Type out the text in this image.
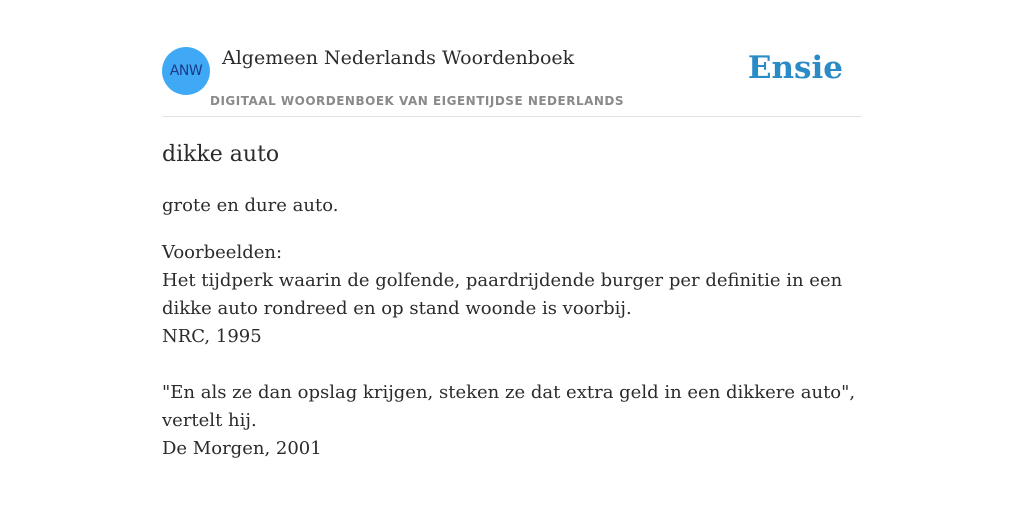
ANW
Algemeen Nederlands Woordenboek
DIGITAAL WOORDENBOEK VAN EIGENTIJDSE NEDERLANDS
Ensie
dikke auto
grote en dure auto.
Voorbeelden:
Het tijdperk waarin de golfende, paardrijdende burger per definitie in een dikke auto rondreed en op stand woonde is voorbij.
NRC, 1995
"En als ze dan opslag krijgen, steken ze dat extra geld in een dikkere auto", vertelt hij.
De Morgen, 2001
